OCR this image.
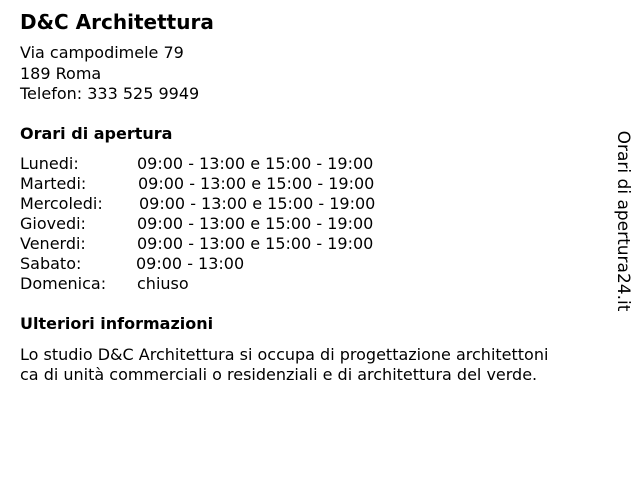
D&C Architettura
Via campodimele 79
189 Roma
Telefon: 333 525 9949
Orari di apertura
Lunedi:	09:00 - 13:00 e 15:00 - 19:00
Martedi:	09:00 - 13:00 e 15:00 - 19:00
Mercoledi:	09:00 - 13:00 e 15:00 - 19:00
Giovedi:	09:00 - 13:00 e 15:00 - 19:00
Venerdi:	09:00 - 13:00 e 15:00 - 19:00
Sabato:	09:00 - 13:00
Domenica:	chiuso
Ulteriori informazioni
Lo studio D&C Architettura si occupa di progettazione architettoni
ca di unità commerciali o residenziali e di architettura del verde.
Orari di apertura24.it
